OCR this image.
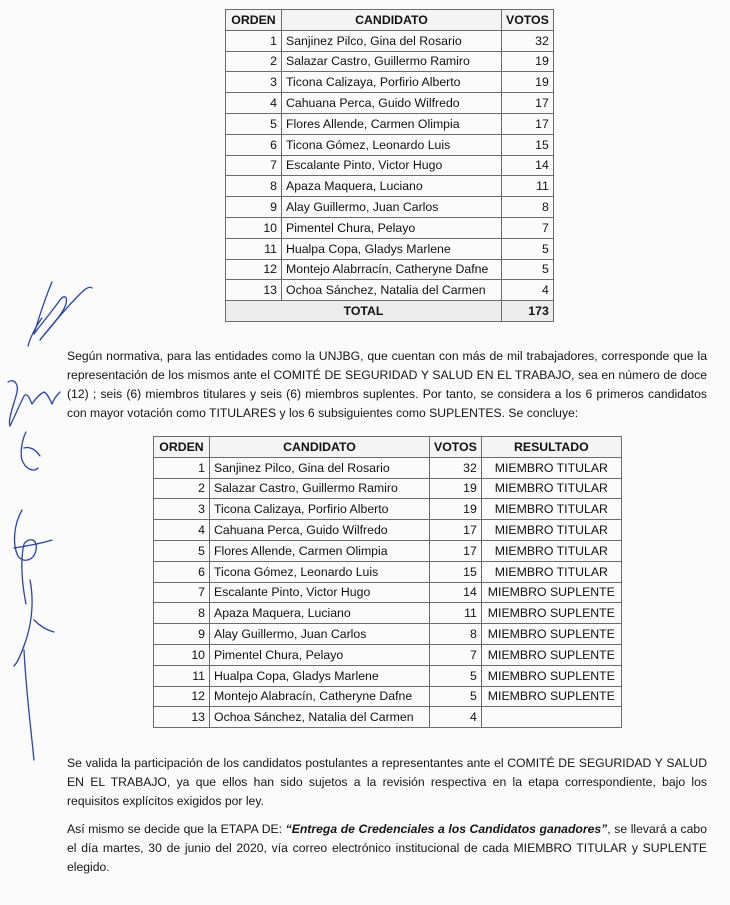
ORDEN	CANDIDATO	VOTOS
1	Sanjinez Pilco, Gina del Rosario	32
2	Salazar Castro, Guillermo Ramiro	19
3	Ticona Calizaya, Porfirio Alberto	19
4	Cahuana Perca, Guido Wilfredo	17
5	Flores Allende, Carmen Olimpia	17
6	Ticona Gómez, Leonardo Luis	15
7	Escalante Pinto, Victor Hugo	14
8	Apaza Maquera, Luciano	11
9	Alay Guillermo, Juan Carlos	8
10	Pimentel Chura, Pelayo	7
11	Hualpa Copa, Gladys Marlene	5
12	Montejo Alabrracín, Catheryne Dafne	5
13	Ochoa Sánchez, Natalia del Carmen	4
TOTAL		173

Según normativa, para las entidades como la UNJBG, que cuentan con más de mil trabajadores, corresponde que la representación de los mismos ante el COMITÉ DE SEGURIDAD Y SALUD EN EL TRABAJO, sea en número de doce (12) ; seis (6) miembros titulares y seis (6) miembros suplentes. Por tanto, se considera a los 6 primeros candidatos con mayor votación como TITULARES y los 6 subsiguientes como SUPLENTES. Se concluye:

ORDEN	CANDIDATO	VOTOS	RESULTADO
1	Sanjinez Pilco, Gina del Rosario	32	MIEMBRO TITULAR
2	Salazar Castro, Guillermo Ramiro	19	MIEMBRO TITULAR
3	Ticona Calizaya, Porfirio Alberto	19	MIEMBRO TITULAR
4	Cahuana Perca, Guido Wilfredo	17	MIEMBRO TITULAR
5	Flores Allende, Carmen Olimpia	17	MIEMBRO TITULAR
6	Ticona Gómez, Leonardo Luis	15	MIEMBRO TITULAR
7	Escalante Pinto, Victor Hugo	14	MIEMBRO SUPLENTE
8	Apaza Maquera, Luciano	11	MIEMBRO SUPLENTE
9	Alay Guillermo, Juan Carlos	8	MIEMBRO SUPLENTE
10	Pimentel Chura, Pelayo	7	MIEMBRO SUPLENTE
11	Hualpa Copa, Gladys Marlene	5	MIEMBRO SUPLENTE
12	Montejo Alabracín, Catheryne Dafne	5	MIEMBRO SUPLENTE
13	Ochoa Sánchez, Natalia del Carmen	4	

Se valida la participación de los candidatos postulantes a representantes ante el COMITÉ DE SEGURIDAD Y SALUD EN EL TRABAJO, ya que ellos han sido sujetos a la revisión respectiva en la etapa correspondiente, bajo los requisitos explícitos exigidos por ley.

Así mismo se decide que la ETAPA DE: “Entrega de Credenciales a los Candidatos ganadores”, se llevará a cabo el día martes, 30 de junio del 2020, vía correo electrónico institucional de cada MIEMBRO TITULAR y SUPLENTE elegido.
